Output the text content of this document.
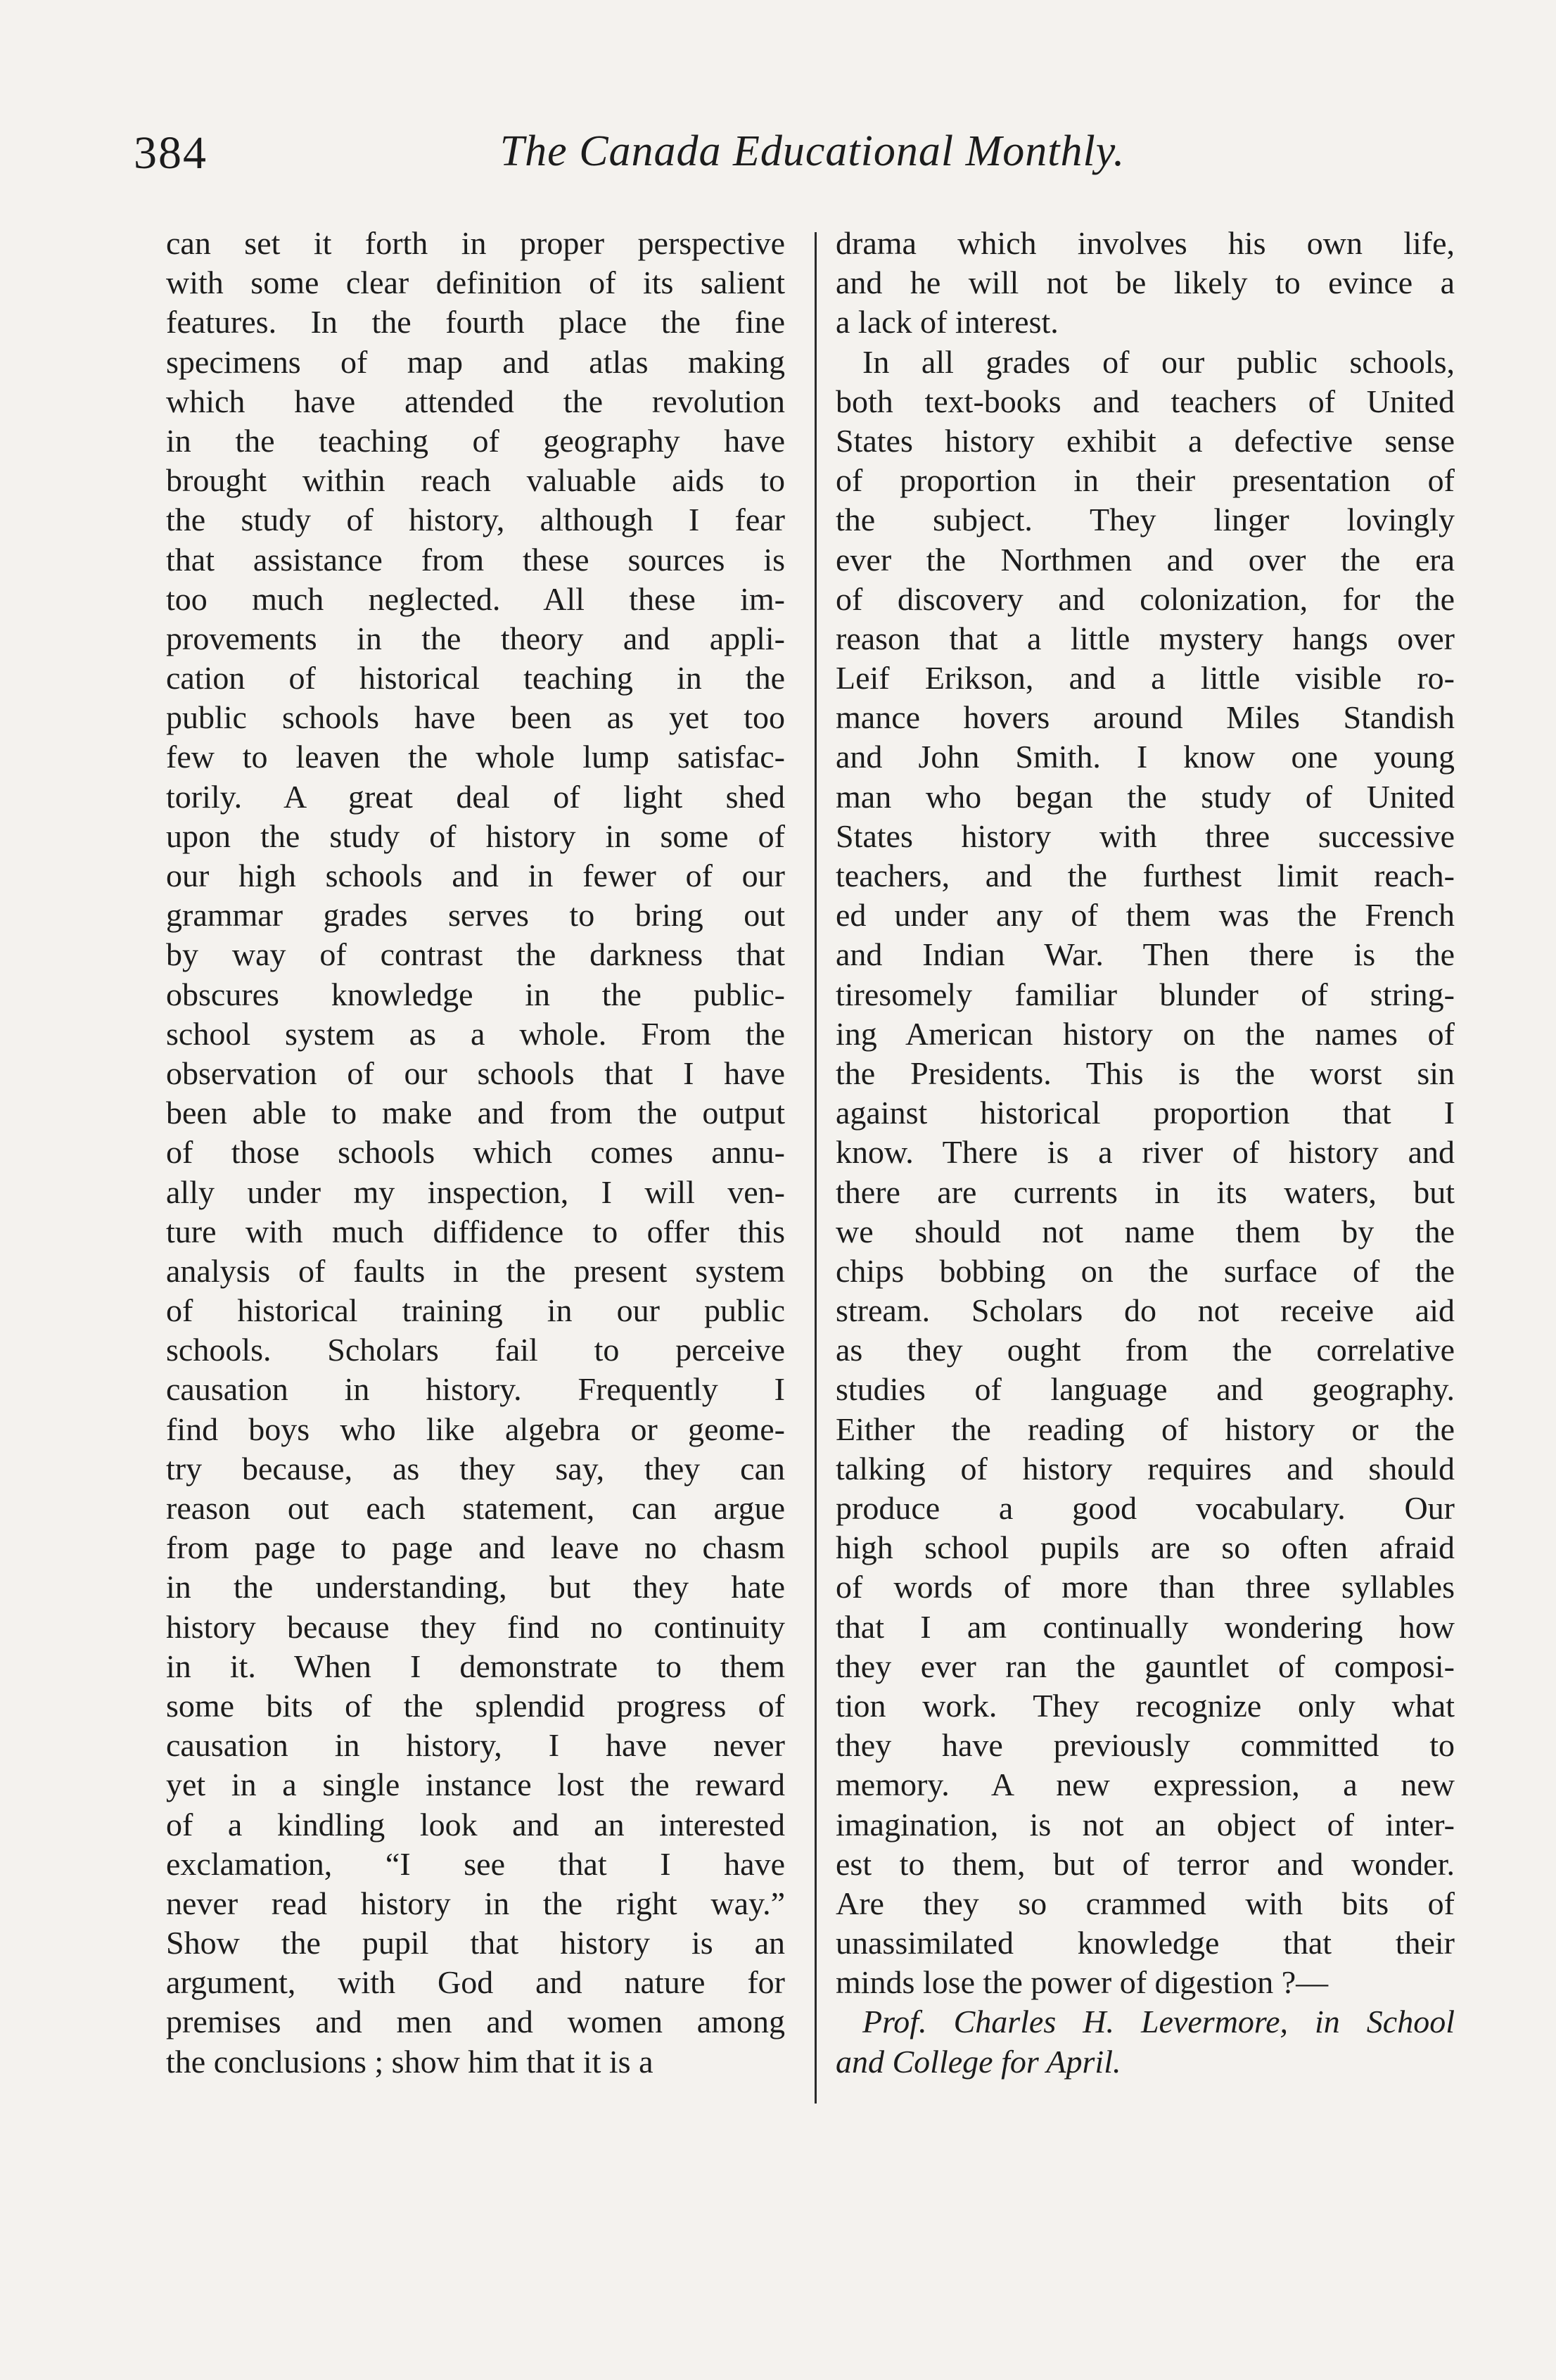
384	The Canada Educational Monthly.
can set it forth in proper perspective
with some clear definition of its salient
features. In the fourth place the fine
specimens of map and atlas making
which have attended the revolution
in the teaching of geography have
brought within reach valuable aids to
the study of history, although I fear
that assistance from these sources is
too much neglected. All these im-
provements in the theory and appli-
cation of historical teaching in the
public schools have been as yet too
few to leaven the whole lump satisfac-
torily. A great deal of light shed
upon the study of history in some of
our high schools and in fewer of our
grammar grades serves to bring out
by way of contrast the darkness that
obscures knowledge in the public-
school system as a whole. From the
observation of our schools that I have
been able to make and from the output
of those schools which comes annu-
ally under my inspection, I will ven-
ture with much diffidence to offer this
analysis of faults in the present system
of historical training in our public
schools. Scholars fail to perceive
causation in history. Frequently I
find boys who like algebra or geome-
try because, as they say, they can
reason out each statement, can argue
from page to page and leave no chasm
in the understanding, but they hate
history because they find no continuity
in it. When I demonstrate to them
some bits of the splendid progress of
causation in history, I have never
yet in a single instance lost the reward
of a kindling look and an interested
exclamation, “I see that I have
never read history in the right way.”
Show the pupil that history is an
argument, with God and nature for
premises and men and women among
the conclusions ; show him that it is a
drama which involves his own life,
and he will not be likely to evince a
a lack of interest.
In all grades of our public schools,
both text-books and teachers of United
States history exhibit a defective sense
of proportion in their presentation of
the subject. They linger lovingly
ever the Northmen and over the era
of discovery and colonization, for the
reason that a little mystery hangs over
Leif Erikson, and a little visible ro-
mance hovers around Miles Standish
and John Smith. I know one young
man who began the study of United
States history with three successive
teachers, and the furthest limit reach-
ed under any of them was the French
and Indian War. Then there is the
tiresomely familiar blunder of string-
ing American history on the names of
the Presidents. This is the worst sin
against historical proportion that I
know. There is a river of history and
there are currents in its waters, but
we should not name them by the
chips bobbing on the surface of the
stream. Scholars do not receive aid
as they ought from the correlative
studies of language and geography.
Either the reading of history or the
talking of history requires and should
produce a good vocabulary. Our
high school pupils are so often afraid
of words of more than three syllables
that I am continually wondering how
they ever ran the gauntlet of composi-
tion work. They recognize only what
they have previously committed to
memory. A new expression, a new
imagination, is not an object of inter-
est to them, but of terror and wonder.
Are they so crammed with bits of
unassimilated knowledge that their
minds lose the power of digestion ?—
Prof. Charles H. Levermore, in School
and College for April.
